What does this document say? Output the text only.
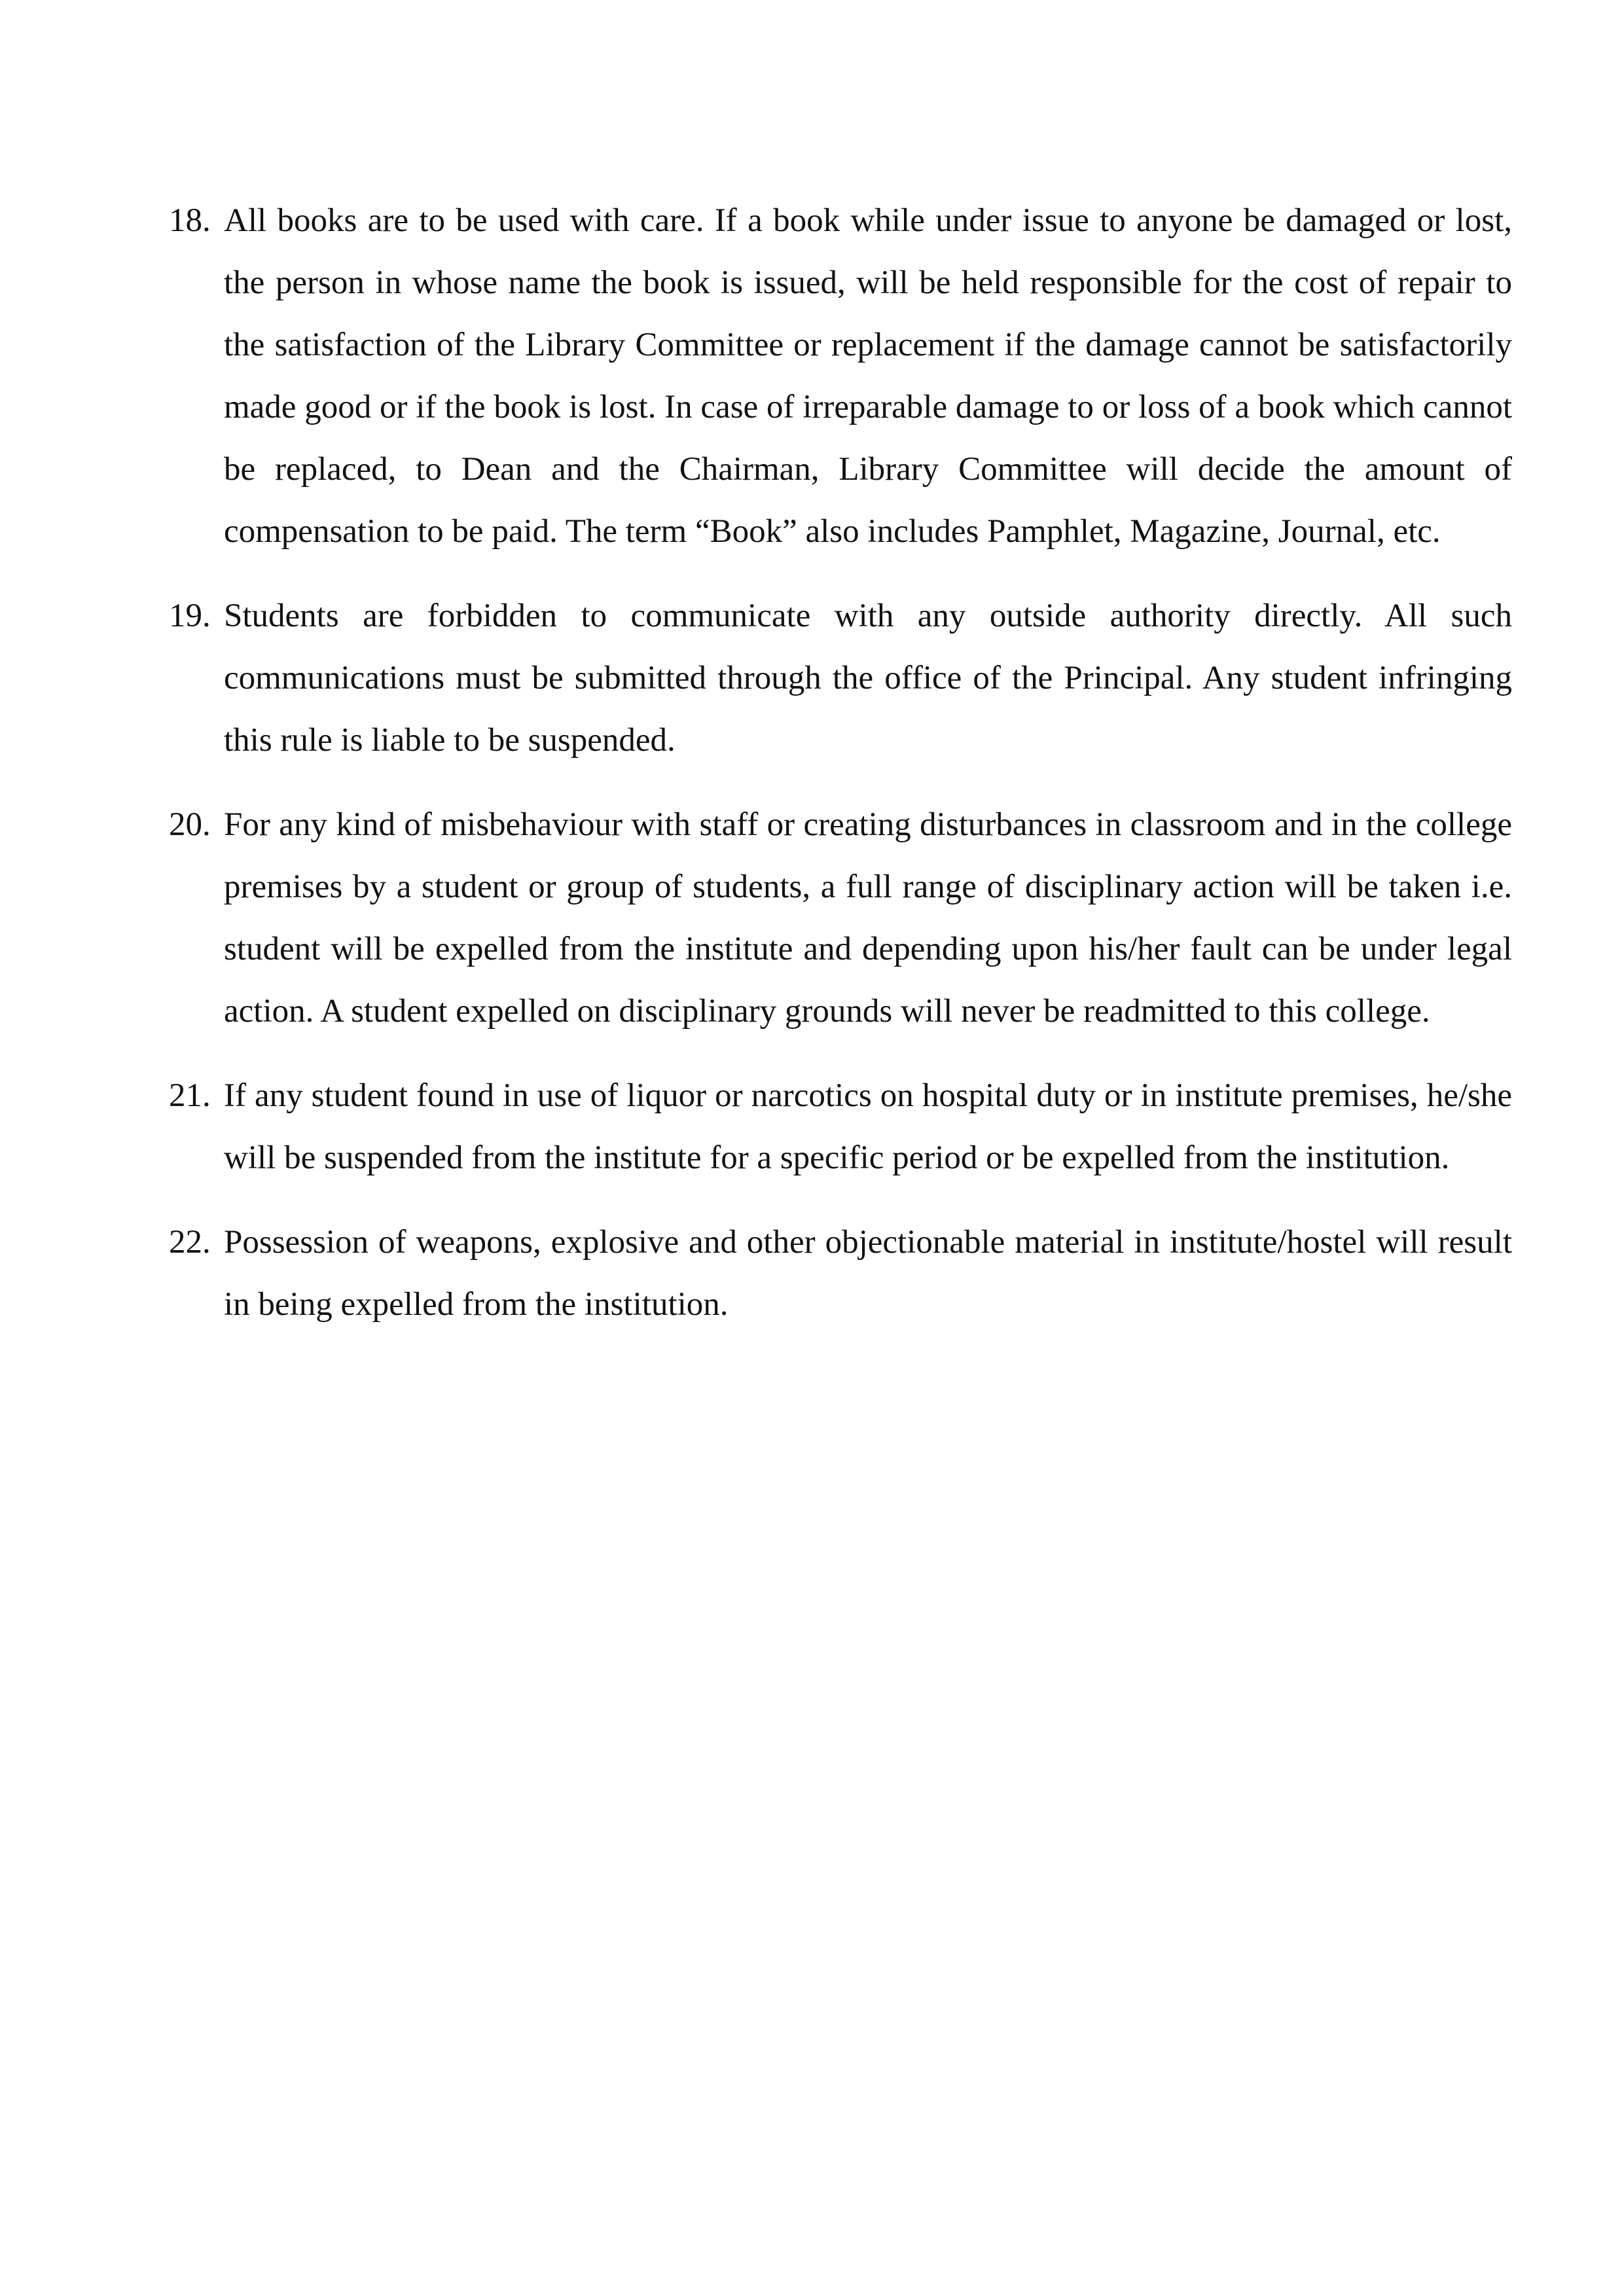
18. All books are to be used with care. If a book while under issue to anyone be damaged or lost, the person in whose name the book is issued, will be held responsible for the cost of repair to the satisfaction of the Library Committee or replacement if the damage cannot be satisfactorily made good or if the book is lost. In case of irreparable damage to or loss of a book which cannot be replaced, to Dean and the Chairman, Library Committee will decide the amount of compensation to be paid. The term “Book” also includes Pamphlet, Magazine, Journal, etc.
19. Students are forbidden to communicate with any outside authority directly. All such communications must be submitted through the office of the Principal. Any student infringing this rule is liable to be suspended.
20. For any kind of misbehaviour with staff or creating disturbances in classroom and in the college premises by a student or group of students, a full range of disciplinary action will be taken i.e. student will be expelled from the institute and depending upon his/her fault can be under legal action. A student expelled on disciplinary grounds will never be readmitted to this college.
21. If any student found in use of liquor or narcotics on hospital duty or in institute premises, he/she will be suspended from the institute for a specific period or be expelled from the institution.
22. Possession of weapons, explosive and other objectionable material in institute/hostel will result in being expelled from the institution.
